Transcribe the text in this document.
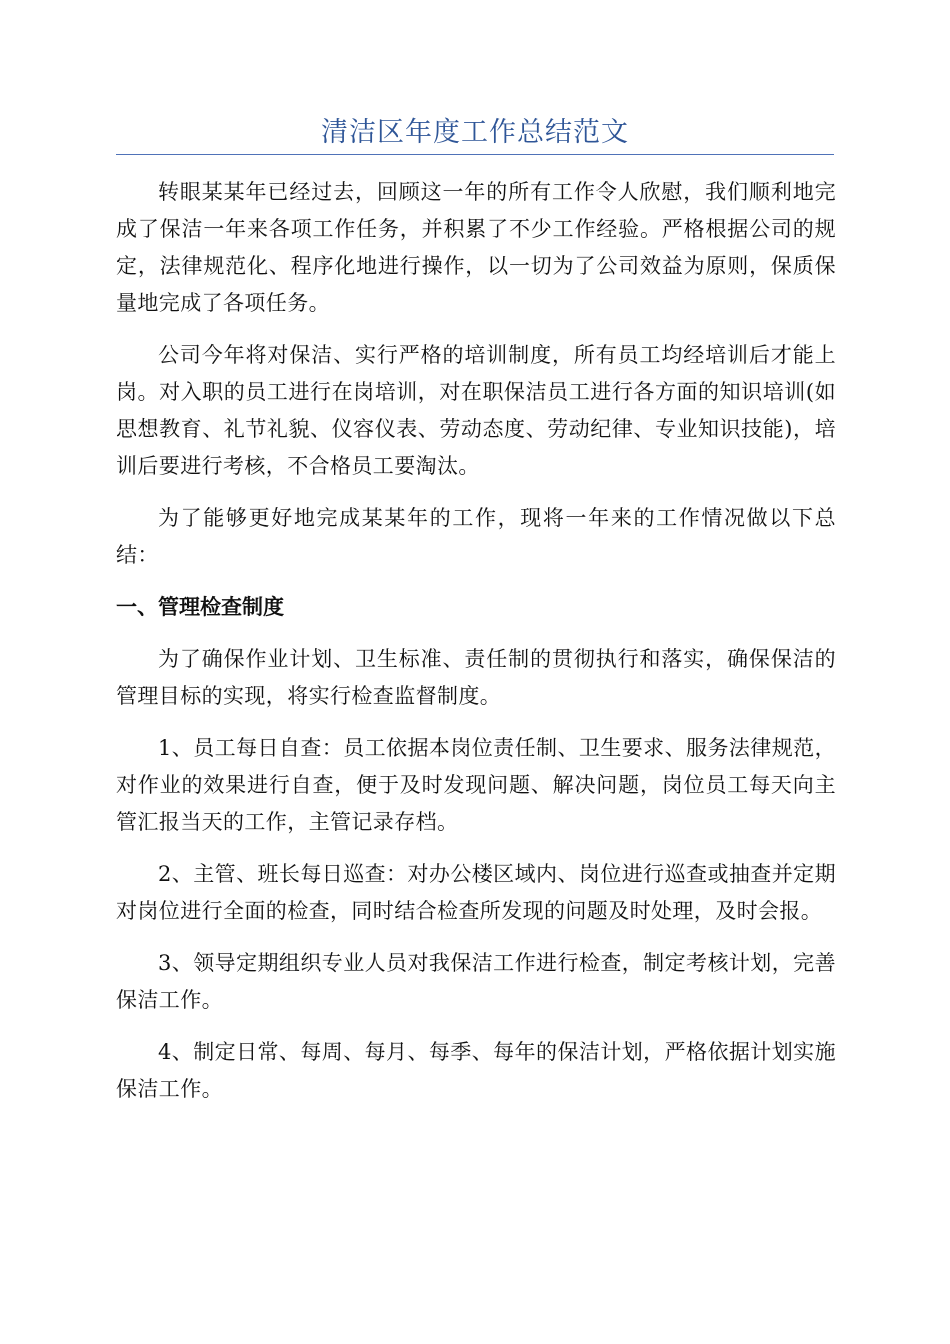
清洁区年度工作总结范文

转眼某某年已经过去，回顾这一年的所有工作令人欣慰，我们顺利地完成了保洁一年来各项工作任务，并积累了不少工作经验。严格根据公司的规定，法律规范化、程序化地进行操作，以一切为了公司效益为原则，保质保量地完成了各项任务。

公司今年将对保洁、实行严格的培训制度，所有员工均经培训后才能上岗。对入职的员工进行在岗培训，对在职保洁员工进行各方面的知识培训(如思想教育、礼节礼貌、仪容仪表、劳动态度、劳动纪律、专业知识技能)，培训后要进行考核，不合格员工要淘汰。

为了能够更好地完成某某年的工作，现将一年来的工作情况做以下总结：

一、管理检查制度

为了确保作业计划、卫生标准、责任制的贯彻执行和落实，确保保洁的管理目标的实现，将实行检查监督制度。

1、员工每日自查：员工依据本岗位责任制、卫生要求、服务法律规范，对作业的效果进行自查，便于及时发现问题、解决问题，岗位员工每天向主管汇报当天的工作，主管记录存档。

2、主管、班长每日巡查：对办公楼区域内、岗位进行巡查或抽查并定期对岗位进行全面的检查，同时结合检查所发现的问题及时处理，及时会报。

3、领导定期组织专业人员对我保洁工作进行检查，制定考核计划，完善保洁工作。

4、制定日常、每周、每月、每季、每年的保洁计划，严格依据计划实施保洁工作。
